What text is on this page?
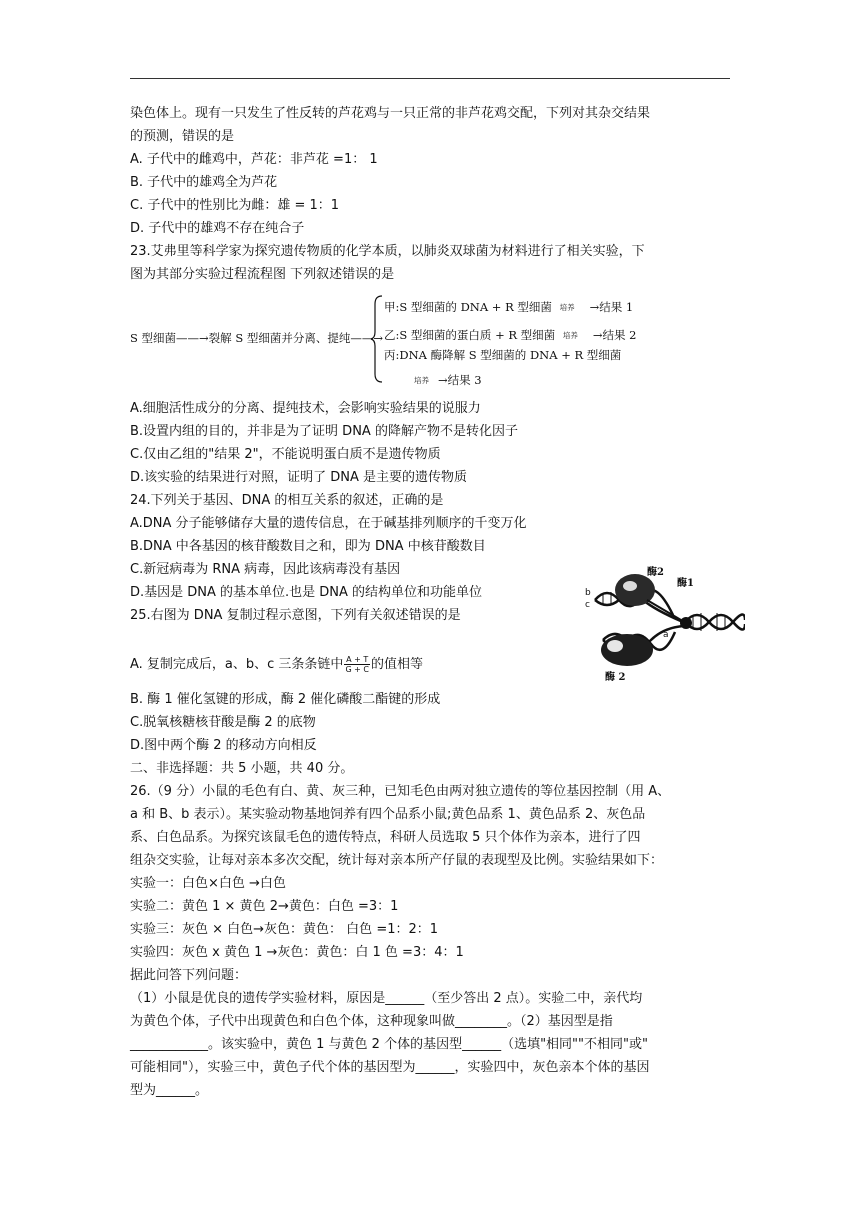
染色体上。现有一只发生了性反转的芦花鸡与一只正常的非芦花鸡交配，下列对其杂交结果
的预测，错误的是
A. 子代中的雌鸡中，芦花：非芦花 =1： 1
B. 子代中的雄鸡全为芦花
C. 子代中的性别比为雌：雄 = 1：1
D. 子代中的雄鸡不存在纯合子
23.艾弗里等科学家为探究遗传物质的化学本质，以肺炎双球菌为材料进行了相关实验，下
图为其部分实验过程流程图 下列叙述错误的是
S 型细菌——→裂解 S 型细菌并分离、提纯——→
甲:S 型细菌的 DNA + R 型细菌 培养 →结果 1
乙:S 型细菌的蛋白质 + R 型细菌 培养 →结果 2
丙:DNA 酶降解 S 型细菌的 DNA + R 型细菌
培养 →结果 3
A.细胞活性成分的分离、提纯技术，会影响实验结果的说服力
B.设置内组的目的，并非是为了证明 DNA 的降解产物不是转化因子
C.仅由乙组的"结果 2"，不能说明蛋白质不是遗传物质
D.该实验的结果进行对照，证明了 DNA 是主要的遗传物质
24.下列关于基因、DNA 的相互关系的叙述，正确的是
A.DNA 分子能够储存大量的遗传信息，在于碱基排列顺序的千变万化
B.DNA 中各基因的核苷酸数目之和，即为 DNA 中核苷酸数目
C.新冠病毒为 RNA 病毒，因此该病毒没有基因
D.基因是 DNA 的基本单位.也是 DNA 的结构单位和功能单位
25.右图为 DNA 复制过程示意图，下列有关叙述错误的是
A. 复制完成后，a、b、c 三条条链中 $\frac{A + T}{G + C}$ 的值相等
B. 酶 1 催化氢键的形成，酶 2 催化磷酸二酯键的形成
C.脱氧核糖核苷酸是酶 2 的底物
D.图中两个酶 2 的移动方向相反
二、非选择题：共 5 小题，共 40 分。
26.（9 分）小鼠的毛色有白、黄、灰三种，已知毛色由两对独立遗传的等位基因控制（用 A、
a 和 B、b 表示）。某实验动物基地饲养有四个品系小鼠;黄色品系 1、黄色品系 2、灰色品
系、白色品系。为探究该鼠毛色的遗传特点，科研人员选取 5 只个体作为亲本，进行了四
组杂交实验，让每对亲本多次交配，统计每对亲本所产仔鼠的表现型及比例。实验结果如下：
实验一：白色×白色 →白色
实验二：黄色 1 × 黄色 2→黄色：白色 =3：1
实验三：灰色 × 白色→灰色：黄色： 白色 =1：2：1
实验四：灰色 x 黄色 1 →灰色：黄色：白 1 色 =3：4：1
据此问答下列问题：
（1）小鼠是优良的遗传学实验材料，原因是______（至少答出 2 点）。实验二中，亲代均
为黄色个体，子代中出现黄色和白色个体，这种现象叫做________。（2）基因型是指
____________。该实验中，黄色 1 与黄色 2 个体的基因型______（选填"相同""不相同"或"
可能相同"），实验三中，黄色子代个体的基因型为______，实验四中，灰色亲本个体的基因
型为______。
酶2
酶1
b
c
a
酶 2
